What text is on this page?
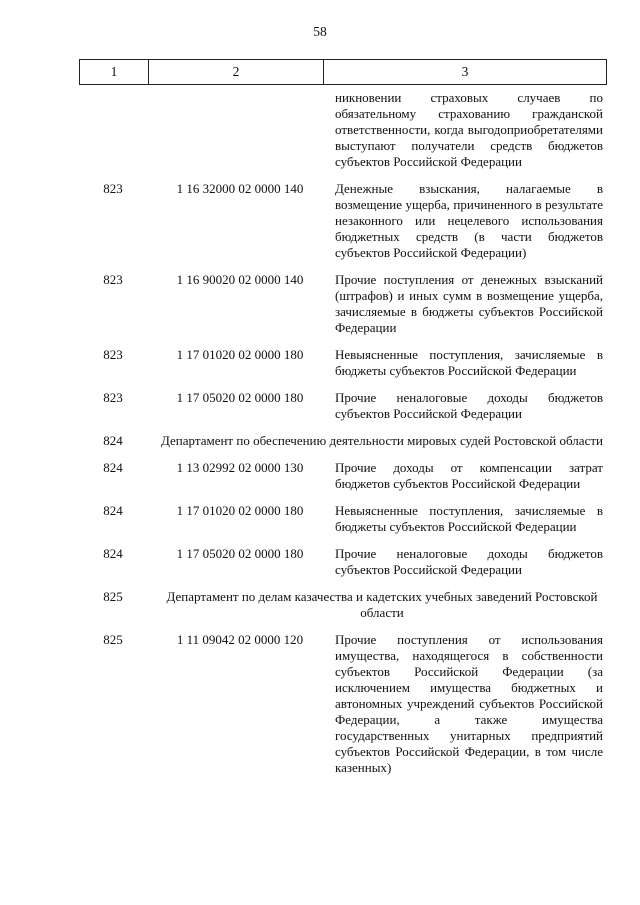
58
1	2	3
никновении страховых случаев по обязательному страхованию гражданской ответственности, когда выгодоприобретателями выступают получатели средств бюджетов субъектов Российской Федерации
823	1 16 32000 02 0000 140	Денежные взыскания, налагаемые в возмещение ущерба, причиненного в результате незаконного или нецелевого использования бюджетных средств (в части бюджетов субъектов Российской Федерации)
823	1 16 90020 02 0000 140	Прочие поступления от денежных взысканий (штрафов) и иных сумм в возмещение ущерба, зачисляемые в бюджеты субъектов Российской Федерации
823	1 17 01020 02 0000 180	Невыясненные поступления, зачисляемые в бюджеты субъектов Российской Федерации
823	1 17 05020 02 0000 180	Прочие неналоговые доходы бюджетов субъектов Российской Федерации
824	Департамент по обеспечению деятельности мировых судей Ростовской области
824	1 13 02992 02 0000 130	Прочие доходы от компенсации затрат бюджетов субъектов Российской Федерации
824	1 17 01020 02 0000 180	Невыясненные поступления, зачисляемые в бюджеты субъектов Российской Федерации
824	1 17 05020 02 0000 180	Прочие неналоговые доходы бюджетов субъектов Российской Федерации
825	Департамент по делам казачества и кадетских учебных заведений Ростовской области
825	1 11 09042 02 0000 120	Прочие поступления от использования имущества, находящегося в собственности субъектов Российской Федерации (за исключением имущества бюджетных и автономных учреждений субъектов Российской Федерации, а также имущества государственных унитарных предприятий субъектов Российской Федерации, в том числе казенных)
